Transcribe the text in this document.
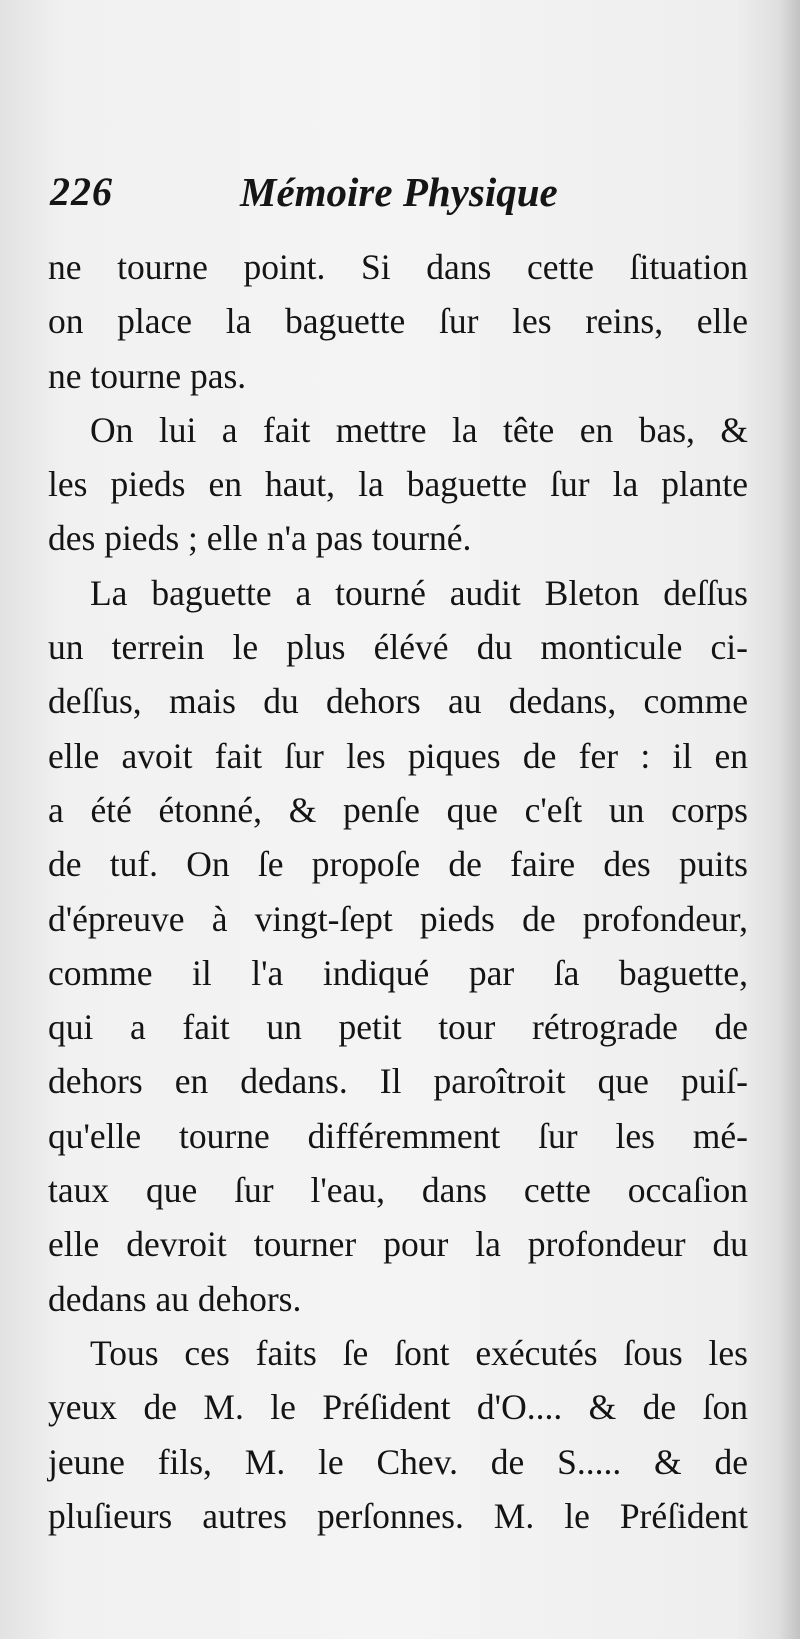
226	Mémoire Physique
ne tourne point. Si dans cette ſituation
on place la baguette ſur les reins, elle
ne tourne pas.
On lui a fait mettre la tête en bas, &
les pieds en haut, la baguette ſur la plante
des pieds ; elle n'a pas tourné.
La baguette a tourné audit Bleton deſſus
un terrein le plus élévé du monticule ci-
deſſus, mais du dehors au dedans, comme
elle avoit fait ſur les piques de fer : il en
a été étonné, & penſe que c'eſt un corps
de tuf. On ſe propoſe de faire des puits
d'épreuve à vingt-ſept pieds de profondeur,
comme il l'a indiqué par ſa baguette,
qui a fait un petit tour rétrograde de
dehors en dedans. Il paroîtroit que puiſ-
qu'elle tourne différemment ſur les mé-
taux que ſur l'eau, dans cette occaſion
elle devroit tourner pour la profondeur du
dedans au dehors.
Tous ces faits ſe ſont exécutés ſous les
yeux de M. le Préſident d'O.... & de ſon
jeune fils, M. le Chev. de S..... & de
pluſieurs autres perſonnes. M. le Préſident
